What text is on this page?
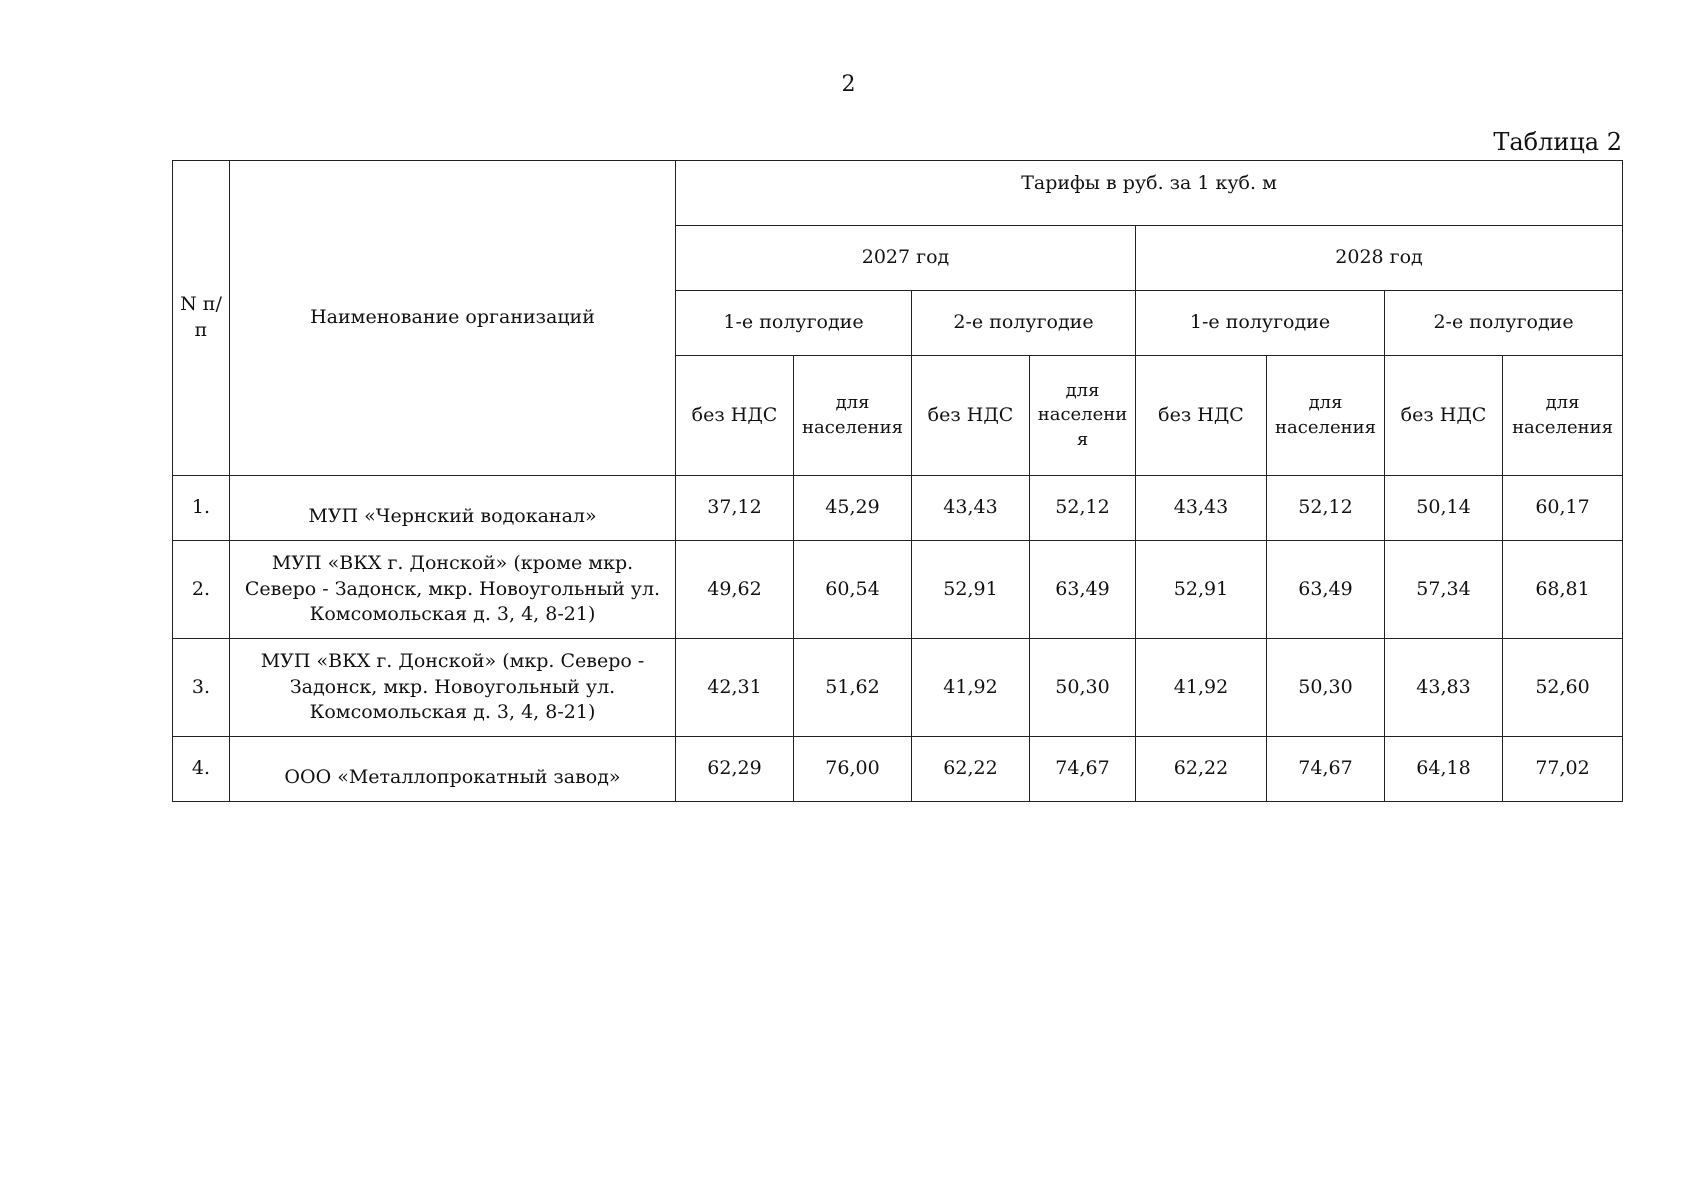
2
Таблица 2
N п/п	Наименование организаций	Тарифы в руб. за 1 куб. м							
		2027 год				2028 год			
		1-е полугодие		2-е полугодие		1-е полугодие		2-е полугодие	
		без НДС	для населения	без НДС	для населени я	без НДС	для населения	без НДС	для населения
1.	МУП «Чернский водоканал»	37,12	45,29	43,43	52,12	43,43	52,12	50,14	60,17
2.	МУП «ВКХ г. Донской» (кроме мкр. Северо - Задонск, мкр. Новоугольный ул. Комсомольская д. 3, 4, 8-21)	49,62	60,54	52,91	63,49	52,91	63,49	57,34	68,81
3.	МУП «ВКХ г. Донской» (мкр. Северо - Задонск, мкр. Новоугольный ул. Комсомольская д. 3, 4, 8-21)	42,31	51,62	41,92	50,30	41,92	50,30	43,83	52,60
4.	ООО «Металлопрокатный завод»	62,29	76,00	62,22	74,67	62,22	74,67	64,18	77,02
